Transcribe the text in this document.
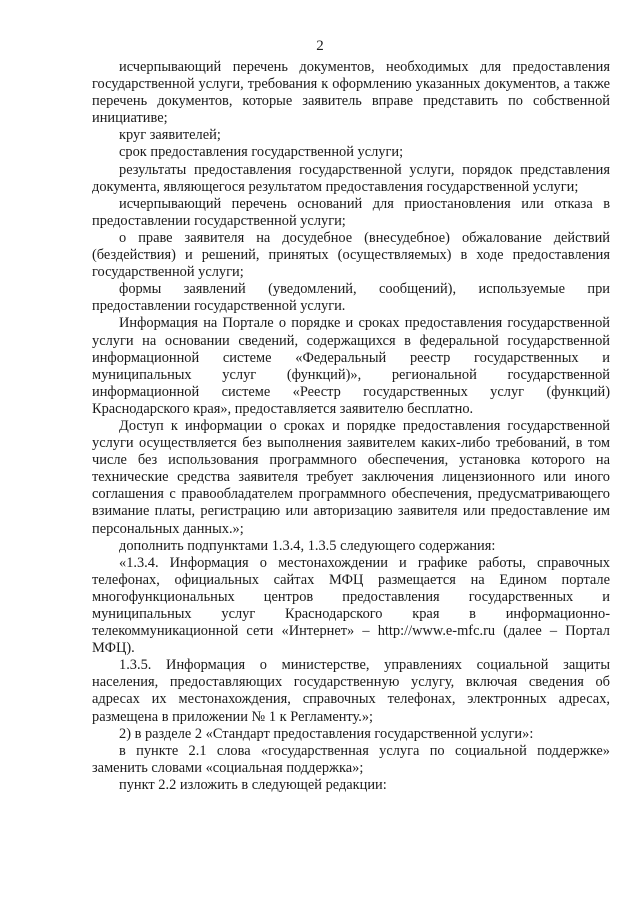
2

исчерпывающий перечень документов, необходимых для предоставления государственной услуги, требования к оформлению указанных документов, а также перечень документов, которые заявитель вправе представить по собственной инициативе;

круг заявителей;

срок предоставления государственной услуги;

результаты предоставления государственной услуги, порядок представления документа, являющегося результатом предоставления государственной услуги;

исчерпывающий перечень оснований для приостановления или отказа в предоставлении государственной услуги;

о праве заявителя на досудебное (внесудебное) обжалование действий (бездействия) и решений, принятых (осуществляемых) в ходе предоставления государственной услуги;

формы заявлений (уведомлений, сообщений), используемые при предоставлении государственной услуги.

Информация на Портале о порядке и сроках предоставления государственной услуги на основании сведений, содержащихся в федеральной государственной информационной системе «Федеральный реестр государственных и муниципальных услуг (функций)», региональной государственной информационной системе «Реестр государственных услуг (функций) Краснодарского края», предоставляется заявителю бесплатно.

Доступ к информации о сроках и порядке предоставления государственной услуги осуществляется без выполнения заявителем каких-либо требований, в том числе без использования программного обеспечения, установка которого на технические средства заявителя требует заключения лицензионного или иного соглашения с правообладателем программного обеспечения, предусматривающего взимание платы, регистрацию или авторизацию заявителя или предоставление им персональных данных.»;

дополнить подпунктами 1.3.4, 1.3.5 следующего содержания:

«1.3.4. Информация о местонахождении и графике работы, справочных телефонах, официальных сайтах МФЦ размещается на Едином портале многофункциональных центров предоставления государственных и муниципальных услуг Краснодарского края в информационно-телекоммуникационной сети «Интернет» – http://www.e-mfc.ru (далее – Портал МФЦ).

1.3.5. Информация о министерстве, управлениях социальной защиты населения, предоставляющих государственную услугу, включая сведения об адресах их местонахождения, справочных телефонах, электронных адресах, размещена в приложении № 1 к Регламенту.»;

2) в разделе 2 «Стандарт предоставления государственной услуги»:

в пункте 2.1 слова «государственная услуга по социальной поддержке» заменить словами «социальная поддержка»;

пункт 2.2 изложить в следующей редакции:
